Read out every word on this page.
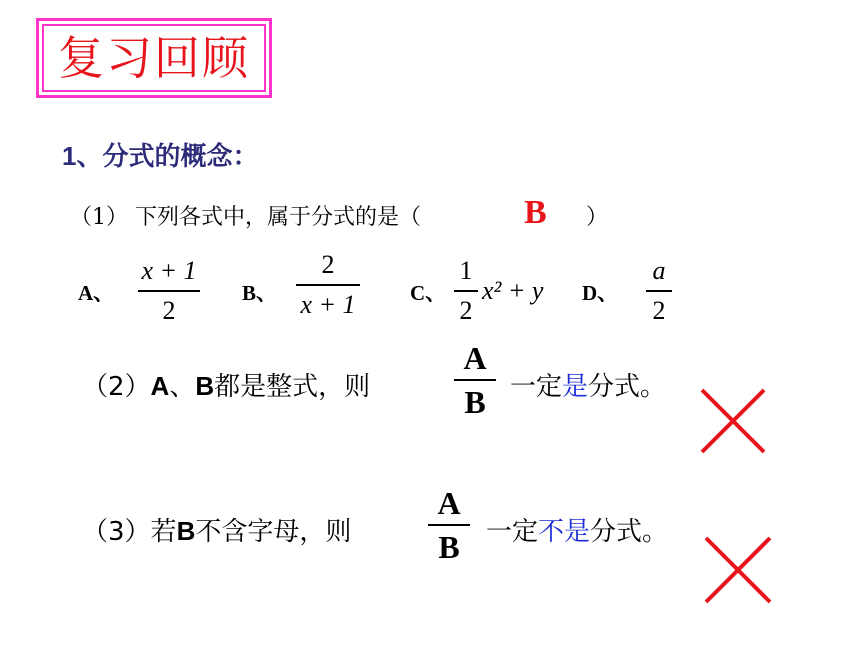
复习回顾
1、分式的概念：
（1） 下列各式中，属于分式的是（	B ）
A、
x + 1
2
B、
2
x + 1	C、
1
2
x² + y D、
a
2
（2）A、B都是整式，则
A
B 一定是分式。
（3）若B不含字母，则
A
B	一定不是分式。
